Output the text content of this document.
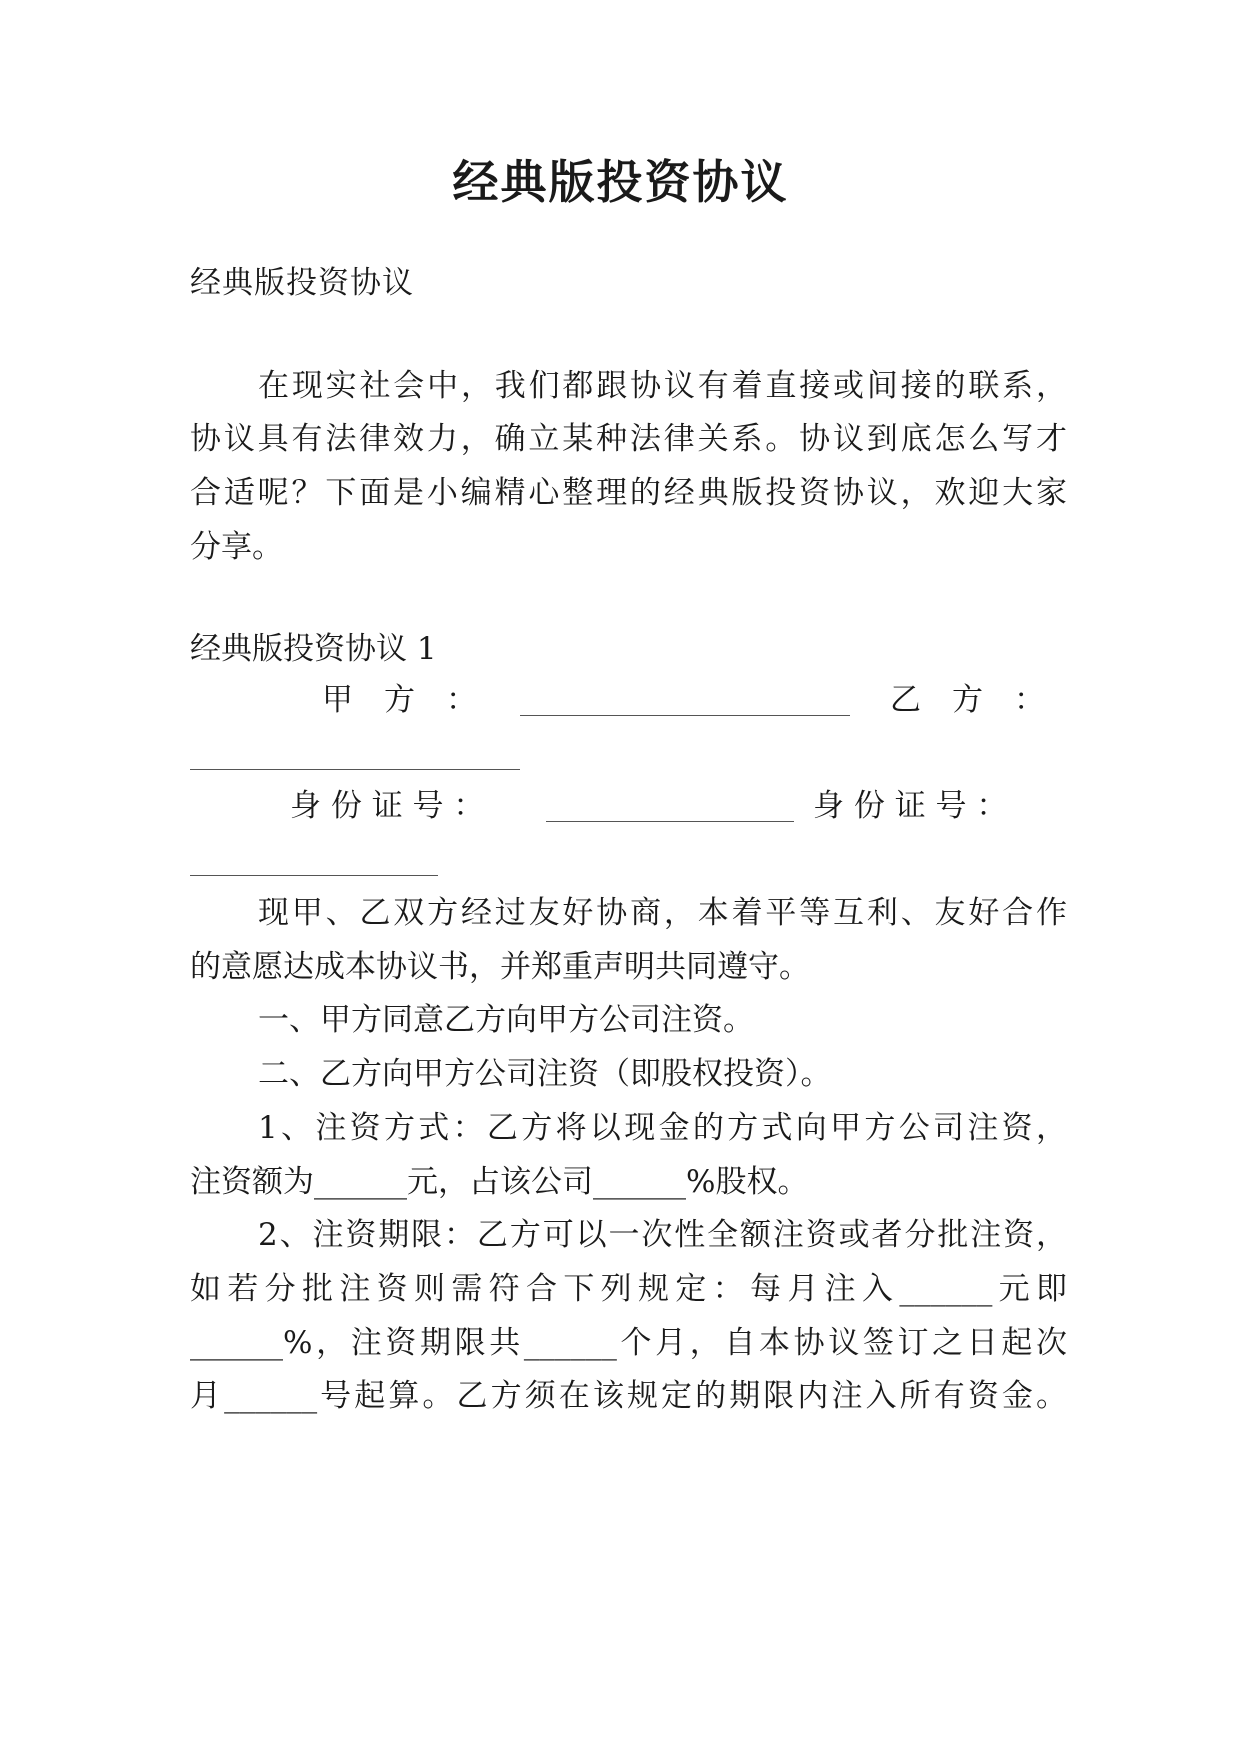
经典版投资协议
经典版投资协议
在现实社会中，我们都跟协议有着直接或间接的联系，
协议具有法律效力，确立某种法律关系。协议到底怎么写才
合适呢？下面是小编精心整理的经典版投资协议，欢迎大家
分享。
经典版投资协议 1
甲　方　：	乙　方　：
身 份 证 号 ：	身 份 证 号 ：
现甲、乙双方经过友好协商，本着平等互利、友好合作
的意愿达成本协议书，并郑重声明共同遵守。
一、甲方同意乙方向甲方公司注资。
二、乙方向甲方公司注资（即股权投资）。
1、注资方式：乙方将以现金的方式向甲方公司注资，
注资额为______元，占该公司______%股权。
2、注资期限：乙方可以一次性全额注资或者分批注资，
如若分批注资则需符合下列规定：每月注入______元即
______%，注资期限共______个月，自本协议签订之日起次
月______号起算。乙方须在该规定的期限内注入所有资金。
